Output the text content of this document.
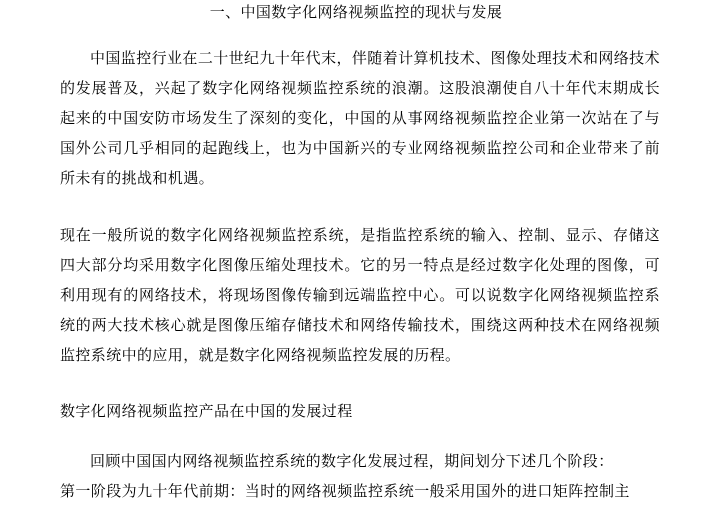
一、中国数字化网络视频监控的现状与发展

中国监控行业在二十世纪九十年代末，伴随着计算机技术、图像处理技术和网络技术的发展普及，兴起了数字化网络视频监控系统的浪潮。这股浪潮使自八十年代末期成长起来的中国安防市场发生了深刻的变化，中国的从事网络视频监控企业第一次站在了与国外公司几乎相同的起跑线上，也为中国新兴的专业网络视频监控公司和企业带来了前所未有的挑战和机遇。

现在一般所说的数字化网络视频监控系统，是指监控系统的输入、控制、显示、存储这四大部分均采用数字化图像压缩处理技术。它的另一特点是经过数字化处理的图像，可利用现有的网络技术，将现场图像传输到远端监控中心。可以说数字化网络视频监控系统的两大技术核心就是图像压缩存储技术和网络传输技术，围绕这两种技术在网络视频监控系统中的应用，就是数字化网络视频监控发展的历程。

数字化网络视频监控产品在中国的发展过程

回顾中国国内网络视频监控系统的数字化发展过程，期间划分下述几个阶段：

第一阶段为九十年代前期：当时的网络视频监控系统一般采用国外的进口矩阵控制主
